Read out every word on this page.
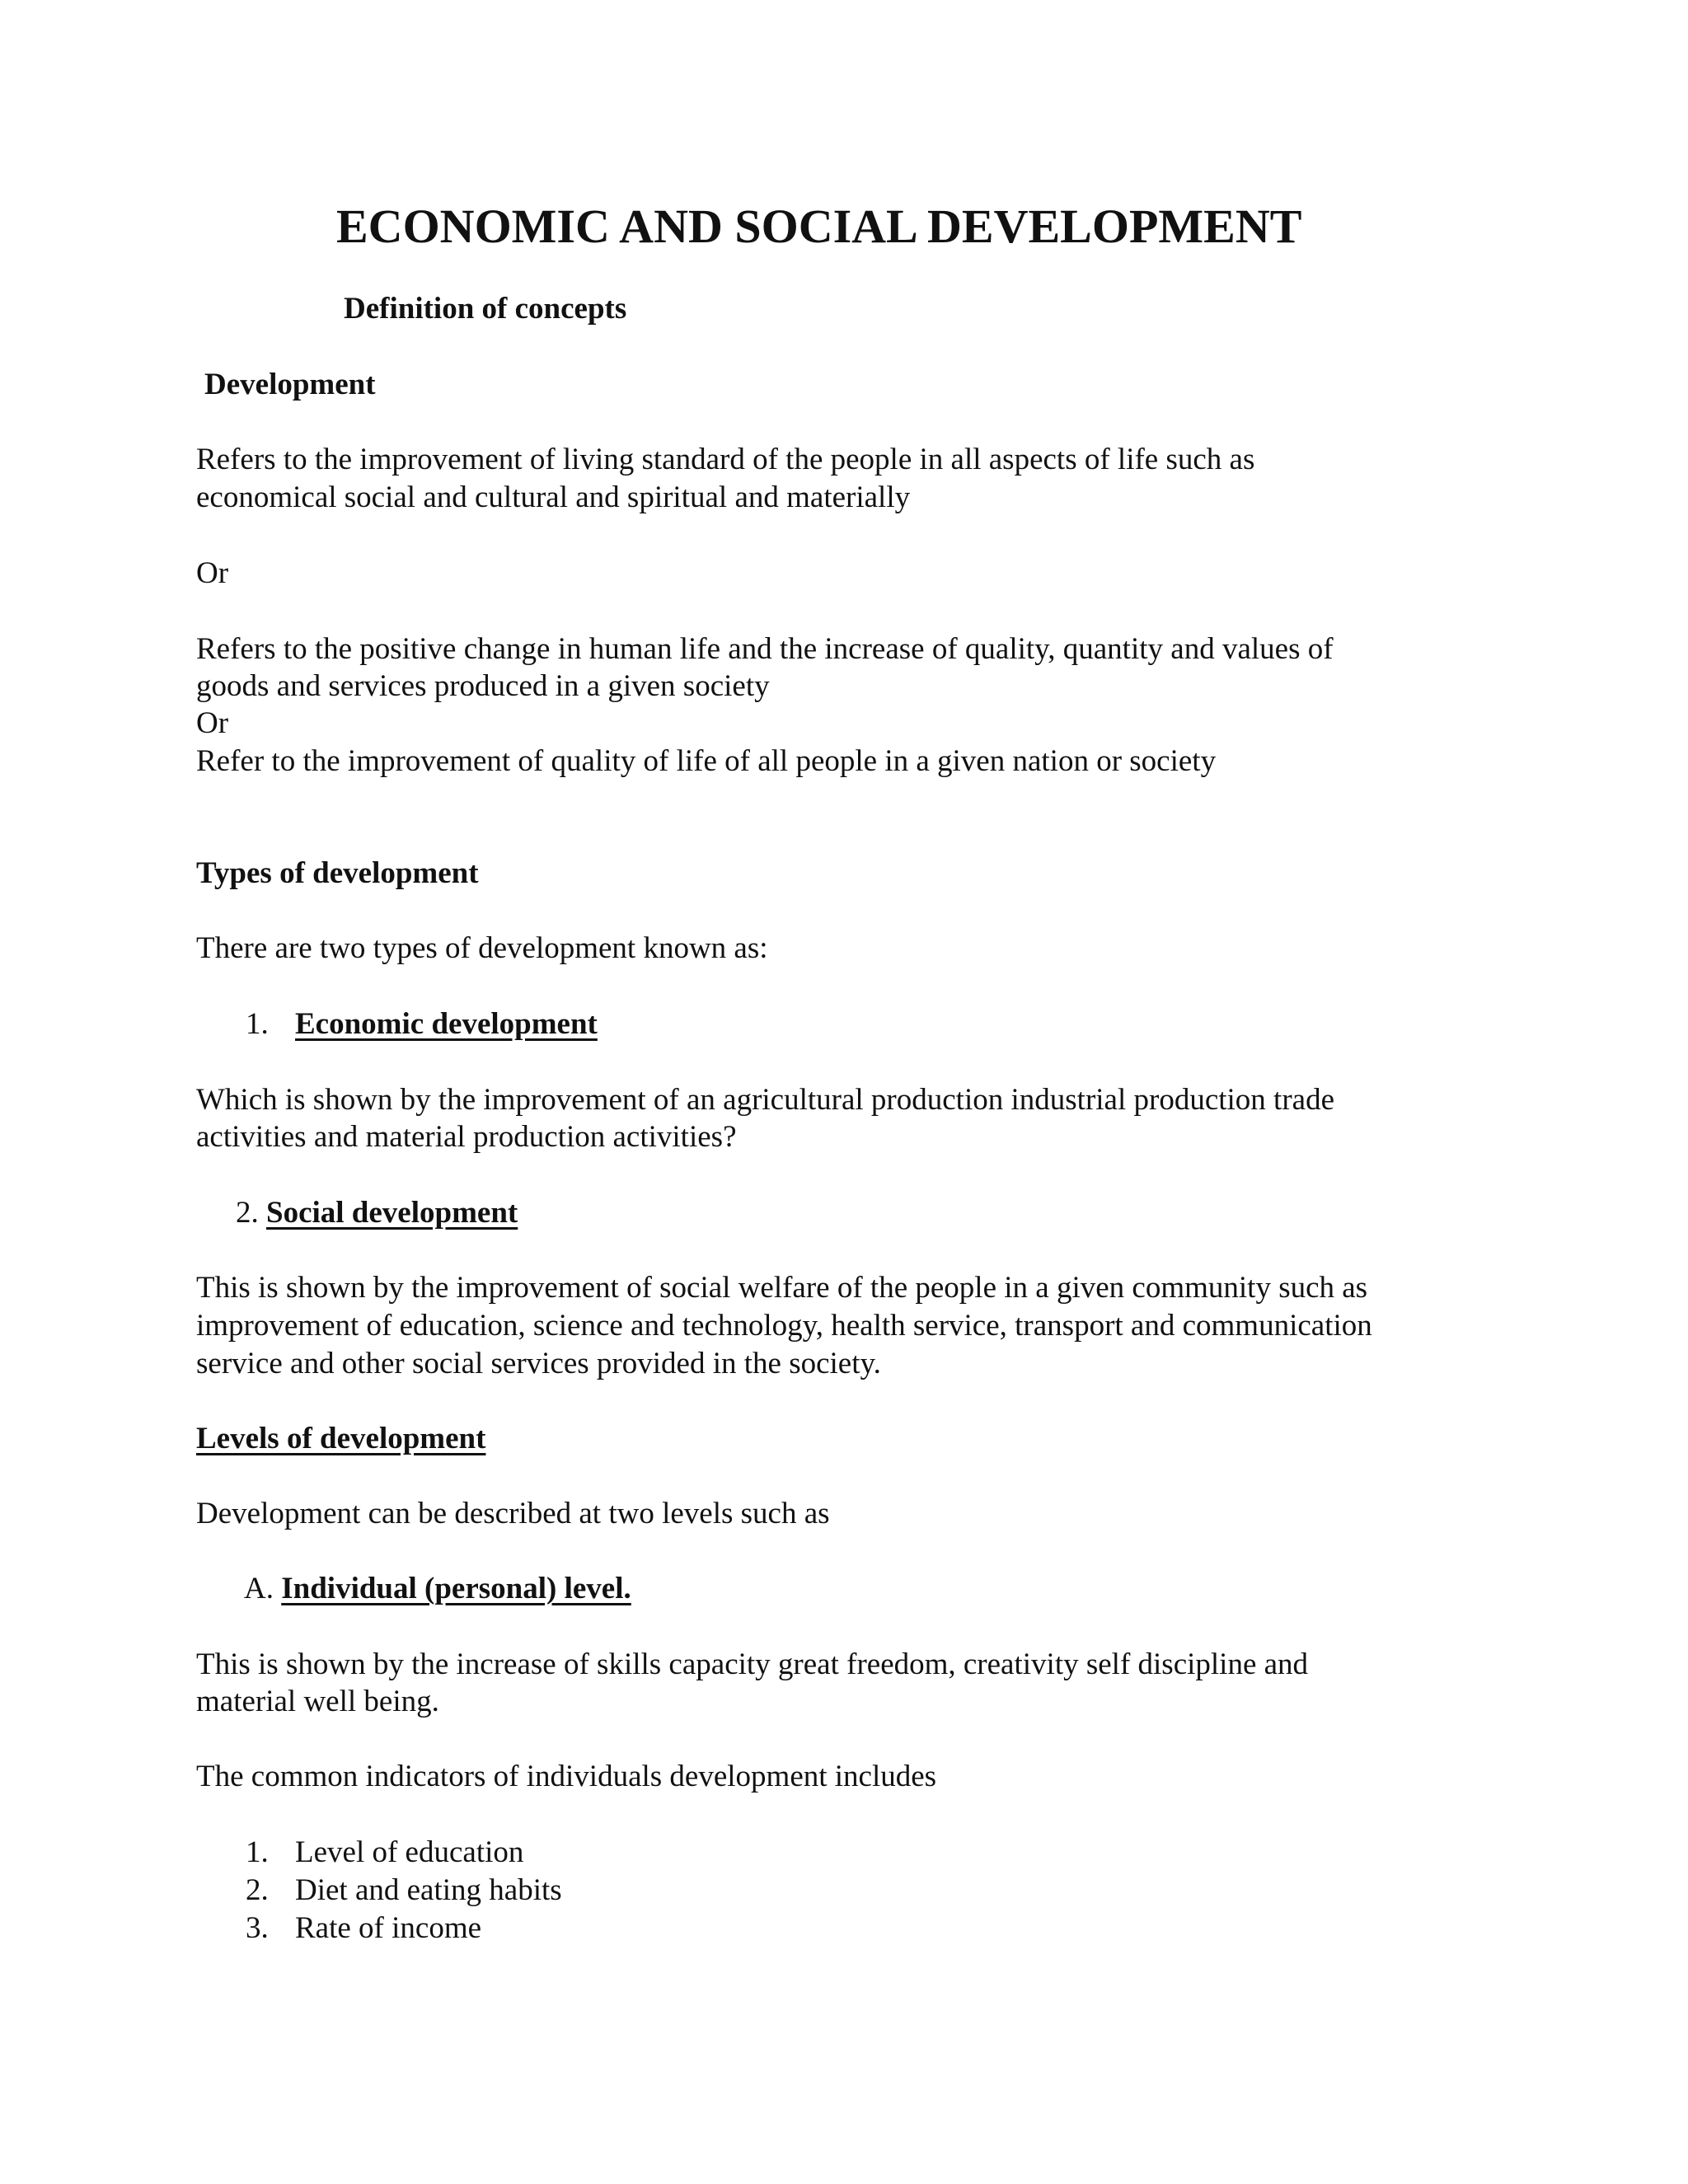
ECONOMIC AND SOCIAL DEVELOPMENT
Definition of concepts
Development
Refers to the improvement of living standard of the people in all aspects of life such as
economical social and cultural and spiritual and materially
Or
Refers to the positive change in human life and the increase of quality, quantity and values of
goods and services produced in a given society
Or
Refer to the improvement of quality of life of all people in a given nation or society
Types of development
There are two types of development known as:
1. Economic development
Which is shown by the improvement of an agricultural production industrial production trade
activities and material production activities?
2. Social development
This is shown by the improvement of social welfare of the people in a given community such as
improvement of education, science and technology, health service, transport and communication
service and other social services provided in the society.
Levels of development
Development can be described at two levels such as
A. Individual (personal) level.
This is shown by the increase of skills capacity great freedom, creativity self discipline and
material well being.
The common indicators of individuals development includes
1. Level of education
2. Diet and eating habits
3. Rate of income
